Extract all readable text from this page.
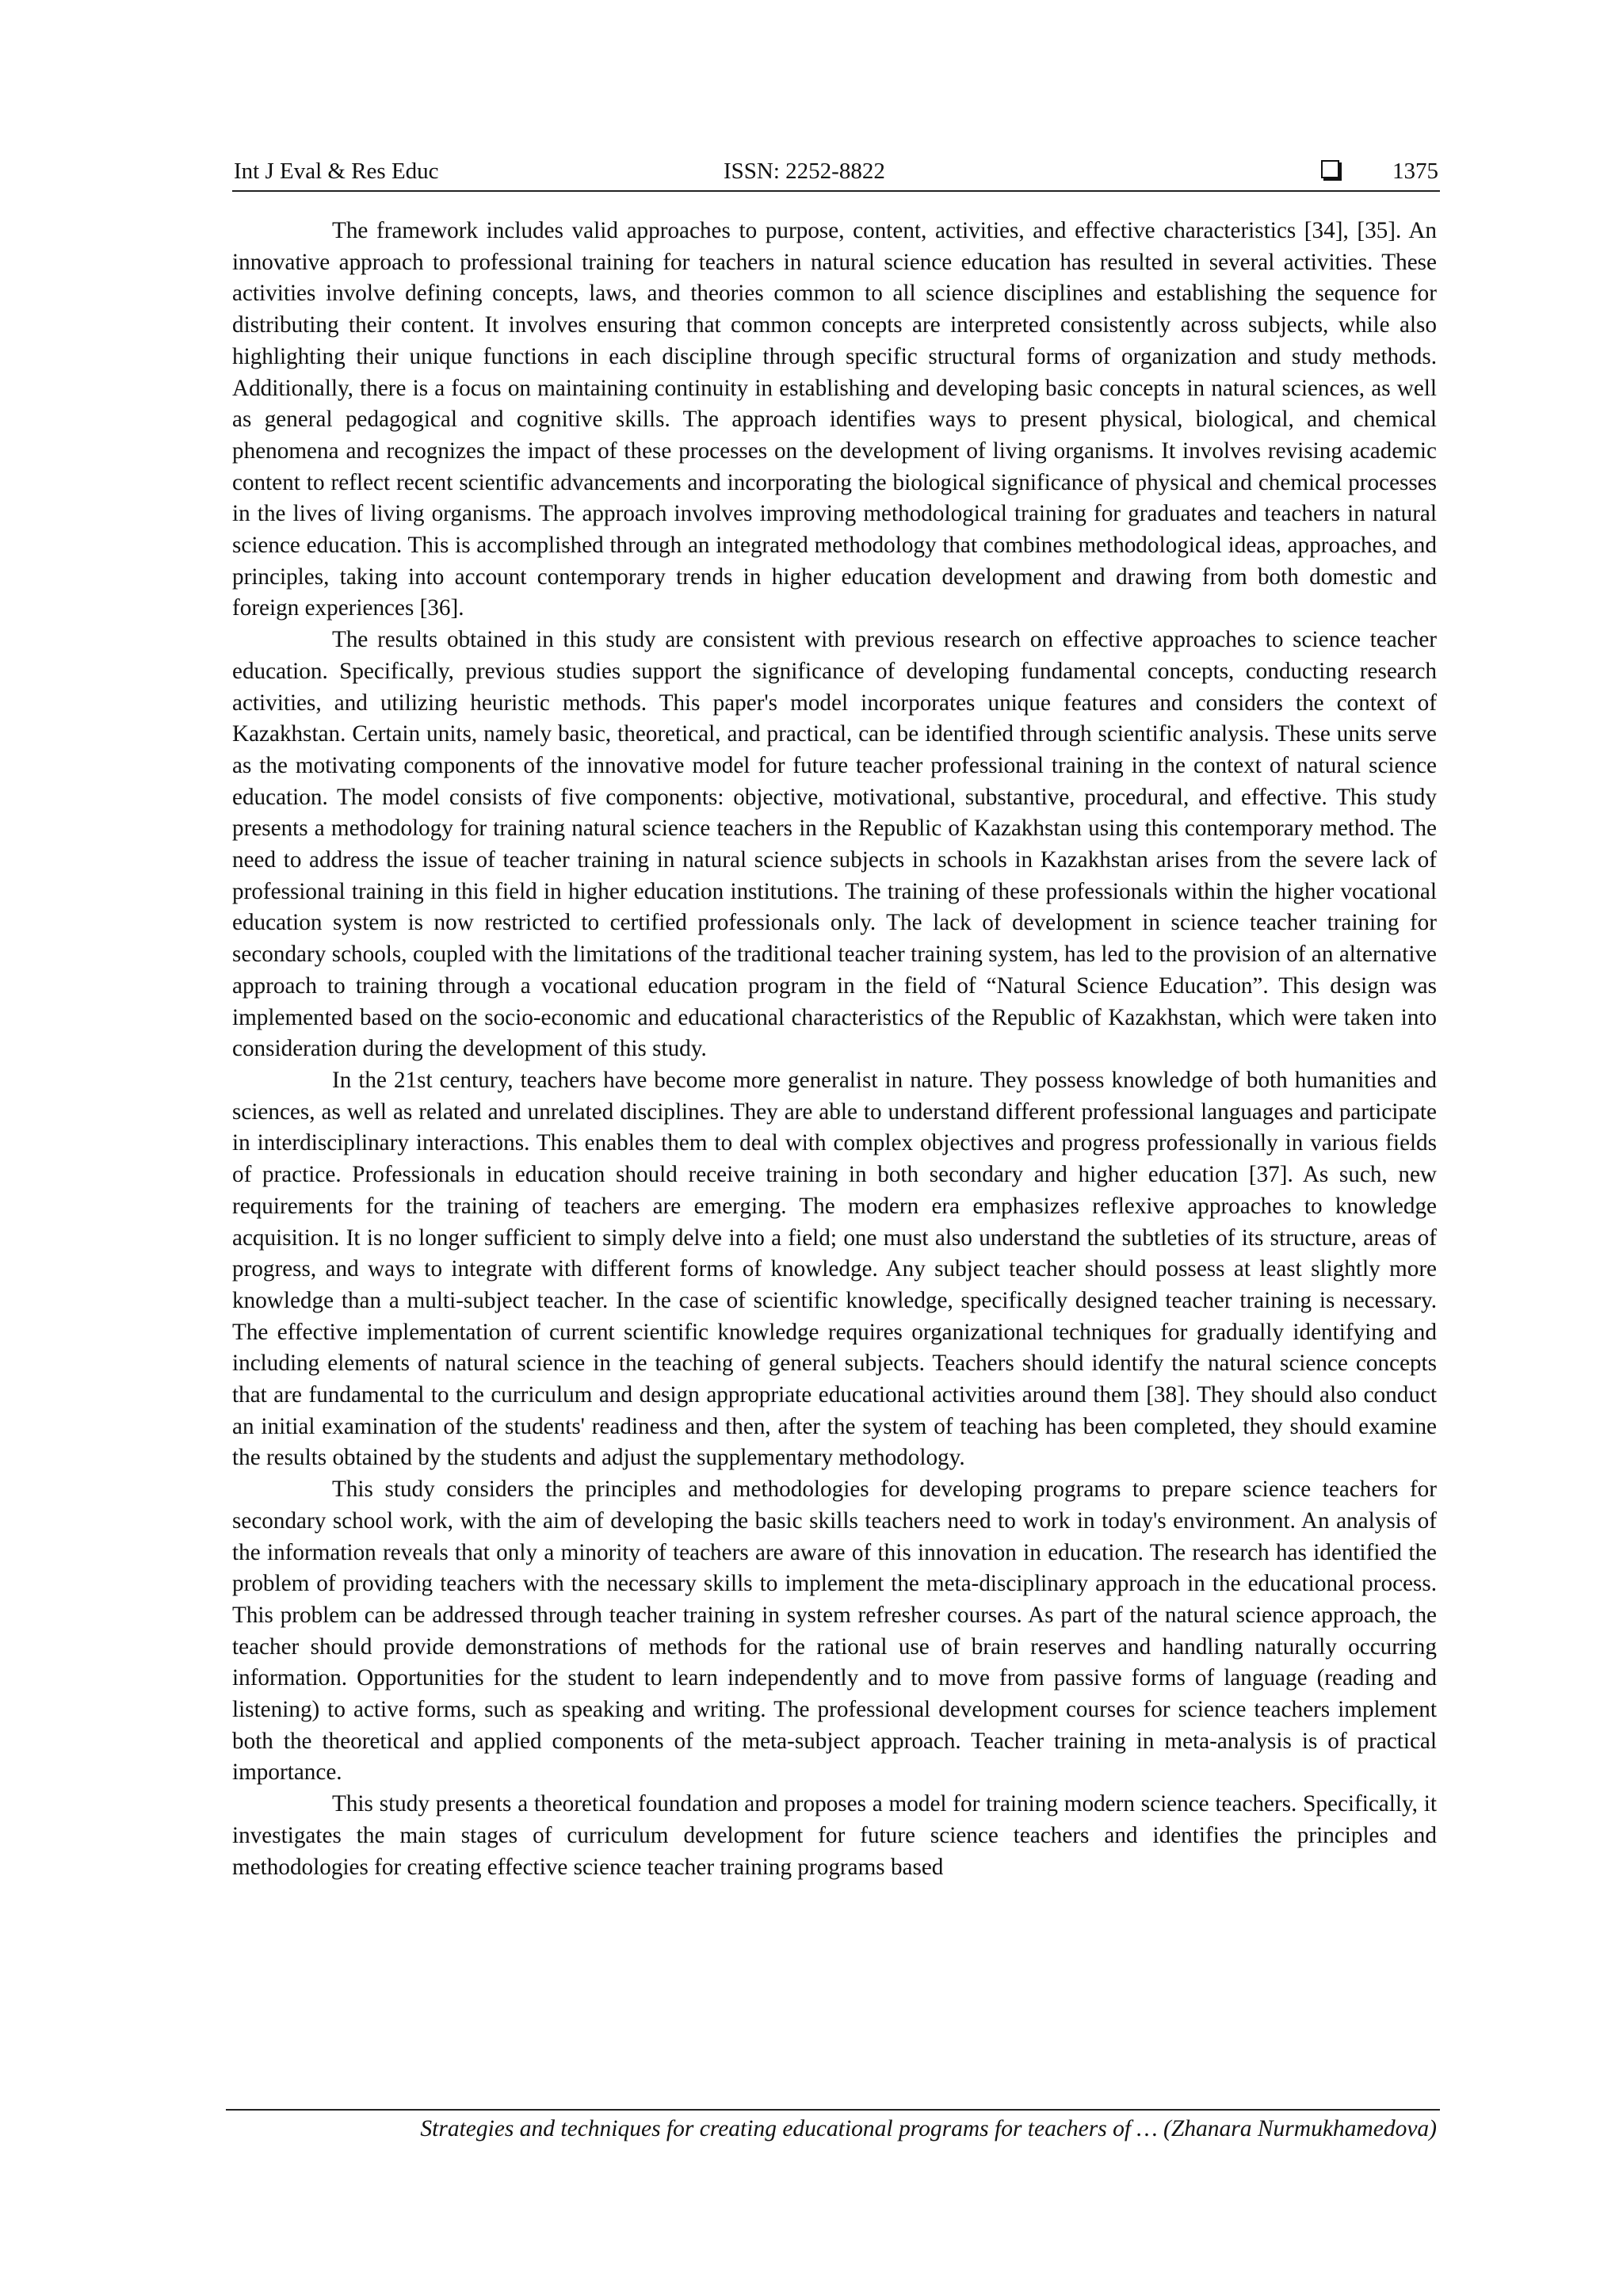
Int J Eval & Res Educ	ISSN: 2252-8822	1375

The framework includes valid approaches to purpose, content, activities, and effective characteristics [34], [35]. An innovative approach to professional training for teachers in natural science education has resulted in several activities. These activities involve defining concepts, laws, and theories common to all science disciplines and establishing the sequence for distributing their content. It involves ensuring that common concepts are interpreted consistently across subjects, while also highlighting their unique functions in each discipline through specific structural forms of organization and study methods. Additionally, there is a focus on maintaining continuity in establishing and developing basic concepts in natural sciences, as well as general pedagogical and cognitive skills. The approach identifies ways to present physical, biological, and chemical phenomena and recognizes the impact of these processes on the development of living organisms. It involves revising academic content to reflect recent scientific advancements and incorporating the biological significance of physical and chemical processes in the lives of living organisms. The approach involves improving methodological training for graduates and teachers in natural science education. This is accomplished through an integrated methodology that combines methodological ideas, approaches, and principles, taking into account contemporary trends in higher education development and drawing from both domestic and foreign experiences [36].

The results obtained in this study are consistent with previous research on effective approaches to science teacher education. Specifically, previous studies support the significance of developing fundamental concepts, conducting research activities, and utilizing heuristic methods. This paper's model incorporates unique features and considers the context of Kazakhstan. Certain units, namely basic, theoretical, and practical, can be identified through scientific analysis. These units serve as the motivating components of the innovative model for future teacher professional training in the context of natural science education. The model consists of five components: objective, motivational, substantive, procedural, and effective. This study presents a methodology for training natural science teachers in the Republic of Kazakhstan using this contemporary method. The need to address the issue of teacher training in natural science subjects in schools in Kazakhstan arises from the severe lack of professional training in this field in higher education institutions. The training of these professionals within the higher vocational education system is now restricted to certified professionals only. The lack of development in science teacher training for secondary schools, coupled with the limitations of the traditional teacher training system, has led to the provision of an alternative approach to training through a vocational education program in the field of “Natural Science Education”. This design was implemented based on the socio-economic and educational characteristics of the Republic of Kazakhstan, which were taken into consideration during the development of this study.

In the 21st century, teachers have become more generalist in nature. They possess knowledge of both humanities and sciences, as well as related and unrelated disciplines. They are able to understand different professional languages and participate in interdisciplinary interactions. This enables them to deal with complex objectives and progress professionally in various fields of practice. Professionals in education should receive training in both secondary and higher education [37]. As such, new requirements for the training of teachers are emerging. The modern era emphasizes reflexive approaches to knowledge acquisition. It is no longer sufficient to simply delve into a field; one must also understand the subtleties of its structure, areas of progress, and ways to integrate with different forms of knowledge. Any subject teacher should possess at least slightly more knowledge than a multi-subject teacher. In the case of scientific knowledge, specifically designed teacher training is necessary. The effective implementation of current scientific knowledge requires organizational techniques for gradually identifying and including elements of natural science in the teaching of general subjects. Teachers should identify the natural science concepts that are fundamental to the curriculum and design appropriate educational activities around them [38]. They should also conduct an initial examination of the students' readiness and then, after the system of teaching has been completed, they should examine the results obtained by the students and adjust the supplementary methodology.

This study considers the principles and methodologies for developing programs to prepare science teachers for secondary school work, with the aim of developing the basic skills teachers need to work in today's environment. An analysis of the information reveals that only a minority of teachers are aware of this innovation in education. The research has identified the problem of providing teachers with the necessary skills to implement the meta-disciplinary approach in the educational process. This problem can be addressed through teacher training in system refresher courses. As part of the natural science approach, the teacher should provide demonstrations of methods for the rational use of brain reserves and handling naturally occurring information. Opportunities for the student to learn independently and to move from passive forms of language (reading and listening) to active forms, such as speaking and writing. The professional development courses for science teachers implement both the theoretical and applied components of the meta-subject approach. Teacher training in meta-analysis is of practical importance.

This study presents a theoretical foundation and proposes a model for training modern science teachers. Specifically, it investigates the main stages of curriculum development for future science teachers and identifies the principles and methodologies for creating effective science teacher training programs based

Strategies and techniques for creating educational programs for teachers of … (Zhanara Nurmukhamedova)
